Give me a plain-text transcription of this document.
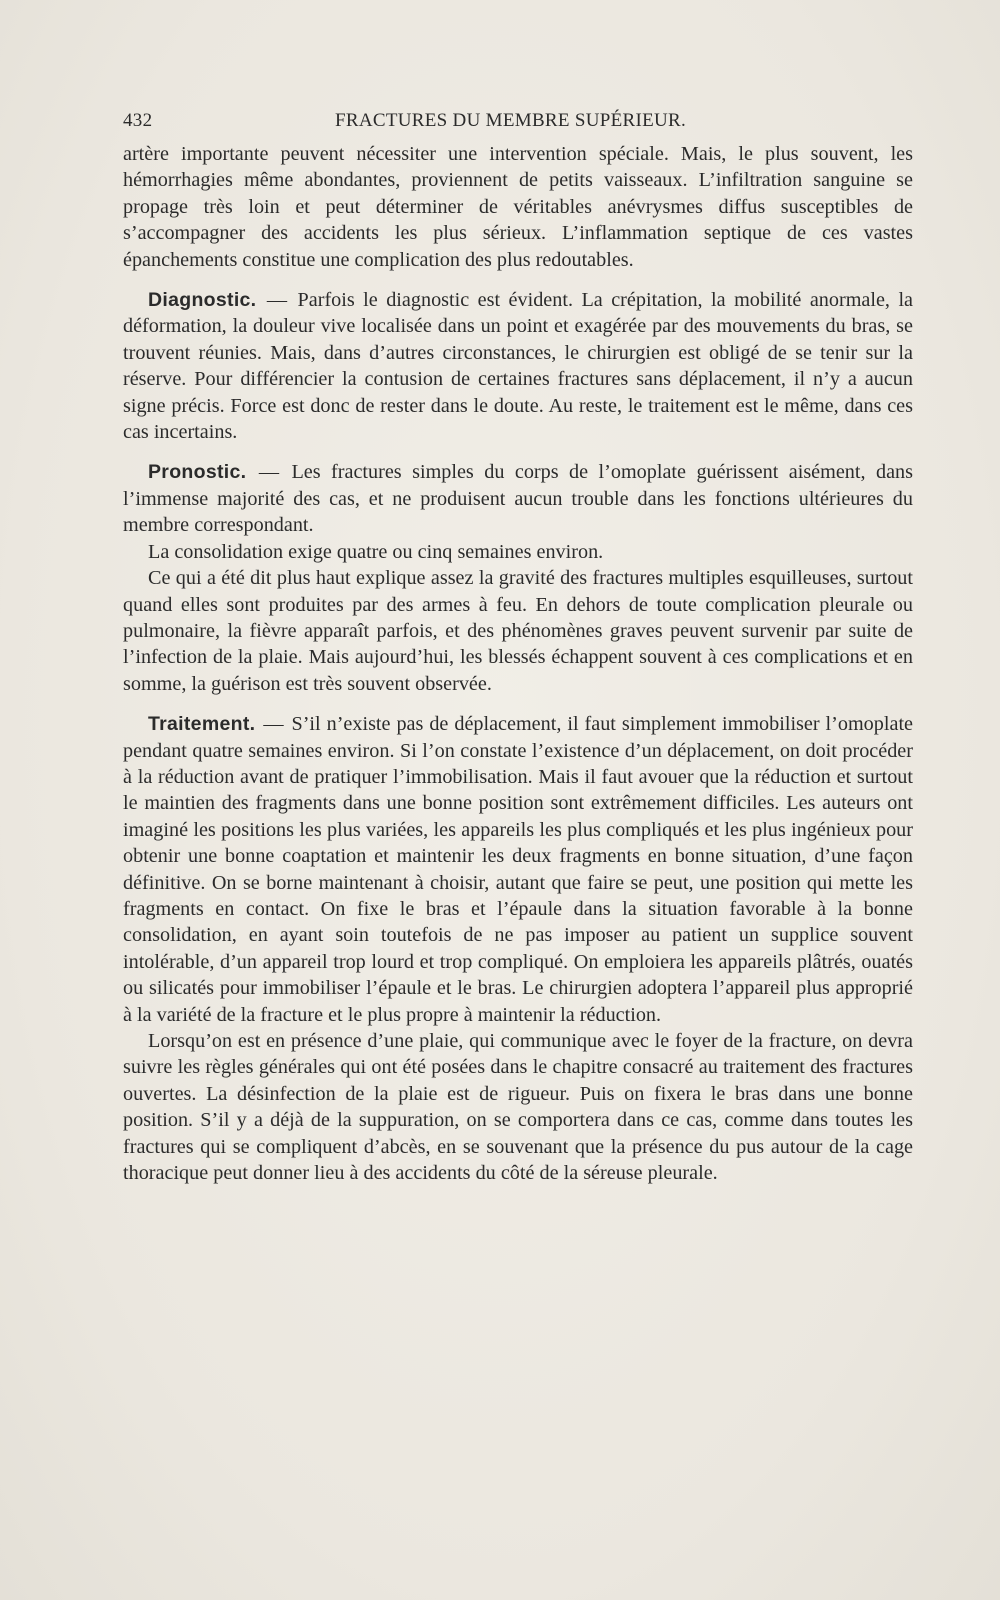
432	FRACTURES DU MEMBRE SUPÉRIEUR.

artère importante peuvent nécessiter une intervention spéciale. Mais, le plus souvent, les hémorrhagies même abondantes, proviennent de petits vaisseaux. L’infiltration sanguine se propage très loin et peut déterminer de véritables anévrysmes diffus susceptibles de s’accompagner des accidents les plus sérieux. L’inflammation septique de ces vastes épanchements constitue une complication des plus redoutables.

Diagnostic. — Parfois le diagnostic est évident. La crépitation, la mobilité anormale, la déformation, la douleur vive localisée dans un point et exagérée par des mouvements du bras, se trouvent réunies. Mais, dans d’autres circonstances, le chirurgien est obligé de se tenir sur la réserve. Pour différencier la contusion de certaines fractures sans déplacement, il n’y a aucun signe précis. Force est donc de rester dans le doute. Au reste, le traitement est le même, dans ces cas incertains.

Pronostic. — Les fractures simples du corps de l’omoplate guérissent aisément, dans l’immense majorité des cas, et ne produisent aucun trouble dans les fonctions ultérieures du membre correspondant.

La consolidation exige quatre ou cinq semaines environ.

Ce qui a été dit plus haut explique assez la gravité des fractures multiples esquilleuses, surtout quand elles sont produites par des armes à feu. En dehors de toute complication pleurale ou pulmonaire, la fièvre apparaît parfois, et des phénomènes graves peuvent survenir par suite de l’infection de la plaie. Mais aujourd’hui, les blessés échappent souvent à ces complications et en somme, la guérison est très souvent observée.

Traitement. — S’il n’existe pas de déplacement, il faut simplement immobiliser l’omoplate pendant quatre semaines environ. Si l’on constate l’existence d’un déplacement, on doit procéder à la réduction avant de pratiquer l’immobilisation. Mais il faut avouer que la réduction et surtout le maintien des fragments dans une bonne position sont extrêmement difficiles. Les auteurs ont imaginé les positions les plus variées, les appareils les plus compliqués et les plus ingénieux pour obtenir une bonne coaptation et maintenir les deux fragments en bonne situation, d’une façon définitive. On se borne maintenant à choisir, autant que faire se peut, une position qui mette les fragments en contact. On fixe le bras et l’épaule dans la situation favorable à la bonne consolidation, en ayant soin toutefois de ne pas imposer au patient un supplice souvent intolérable, d’un appareil trop lourd et trop compliqué. On emploiera les appareils plâtrés, ouatés ou silicatés pour immobiliser l’épaule et le bras. Le chirurgien adoptera l’appareil plus approprié à la variété de la fracture et le plus propre à maintenir la réduction.

Lorsqu’on est en présence d’une plaie, qui communique avec le foyer de la fracture, on devra suivre les règles générales qui ont été posées dans le chapitre consacré au traitement des fractures ouvertes. La désinfection de la plaie est de rigueur. Puis on fixera le bras dans une bonne position. S’il y a déjà de la suppuration, on se comportera dans ce cas, comme dans toutes les fractures qui se compliquent d’abcès, en se souvenant que la présence du pus autour de la cage thoracique peut donner lieu à des accidents du côté de la séreuse pleurale.
